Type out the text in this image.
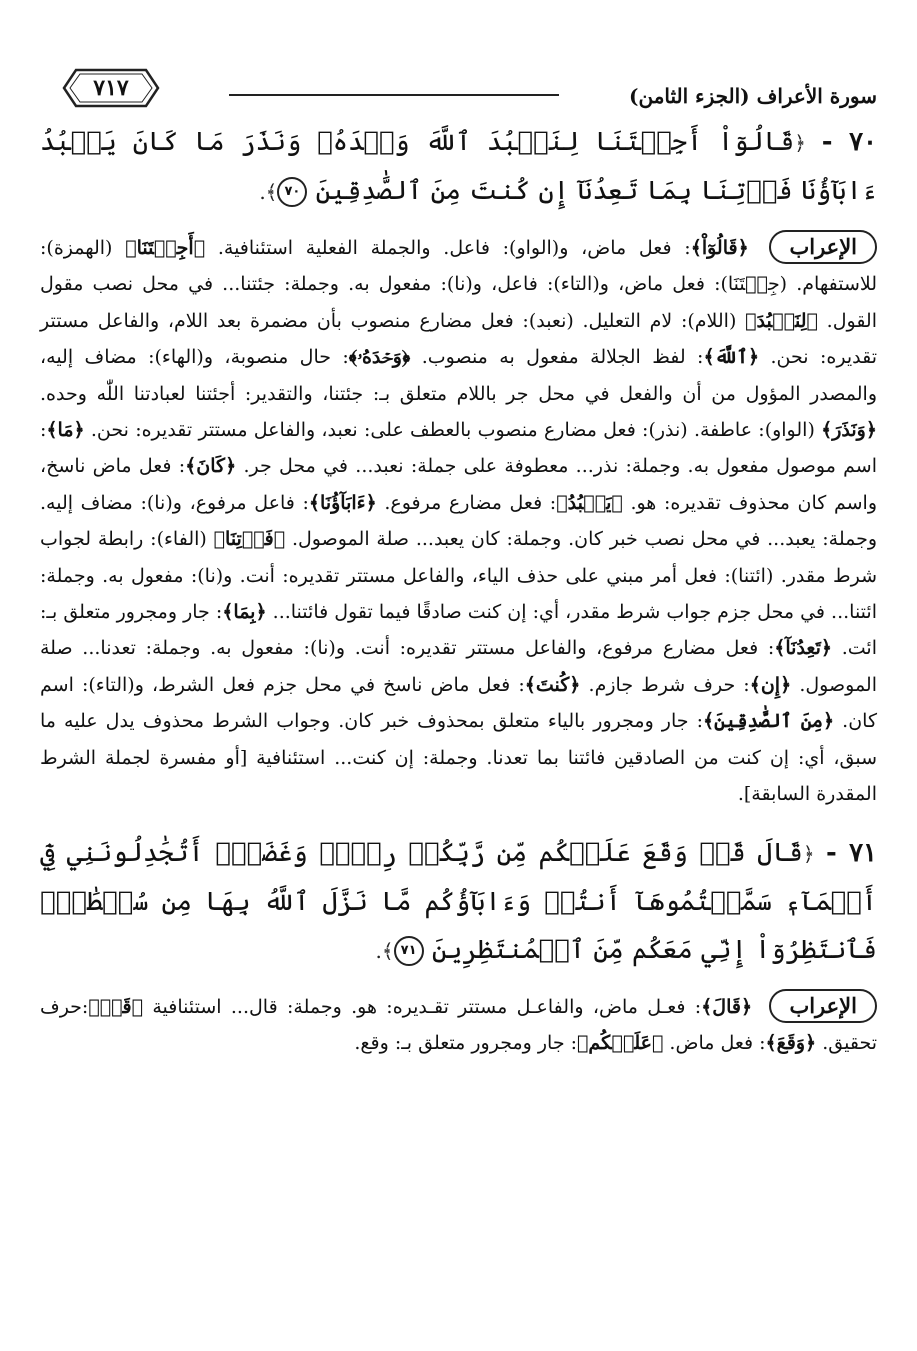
سورة الأعراف (الجزء الثامن)
٧١٧

٧٠ - ﴿قَالُوٓاْ أَجِئۡتَنَا لِنَعۡبُدَ ٱللَّهَ وَحۡدَهُۥ وَنَذَرَ مَا كَانَ يَعۡبُدُ ءَابَآؤُنَا فَأۡتِنَا بِمَا تَعِدُنَآ إِن كُنتَ مِنَ ٱلصَّٰدِقِينَ ٧٠﴾.

الإعراب ﴿قَالُوٓاْ﴾: فعل ماض، و(الواو): فاعل. والجملة الفعلية استئنافية. ﴿أَجِئۡتَنَا﴾ (الهمزة): للاستفهام. (جِئۡتَنَا): فعل ماض، و(التاء): فاعل، و(نا): مفعول به. وجملة: جئتنا... في محل نصب مقول القول. ﴿لِنَعۡبُدَ﴾ (اللام): لام التعليل. (نعبد): فعل مضارع منصوب بأن مضمرة بعد اللام، والفاعل مستتر تقديره: نحن. ﴿ٱللَّهَ﴾: لفظ الجلالة مفعول به منصوب. ﴿وَحۡدَهُۥ﴾: حال منصوبة، و(الهاء): مضاف إليه، والمصدر المؤول من أن والفعل في محل جر باللام متعلق بـ: جئتنا، والتقدير: أجئتنا لعبادتنا اللّٰه وحده. ﴿وَنَذَرَ﴾ (الواو): عاطفة. (نذر): فعل مضارع منصوب بالعطف على: نعبد، والفاعل مستتر تقديره: نحن. ﴿مَا﴾: اسم موصول مفعول به. وجملة: نذر... معطوفة على جملة: نعبد... في محل جر. ﴿كَانَ﴾: فعل ماض ناسخ، واسم كان محذوف تقديره: هو. ﴿يَعۡبُدُ﴾: فعل مضارع مرفوع. ﴿ءَابَآؤُنَا﴾: فاعل مرفوع، و(نا): مضاف إليه. وجملة: يعبد... في محل نصب خبر كان. وجملة: كان يعبد... صلة الموصول. ﴿فَأۡتِنَا﴾ (الفاء): رابطة لجواب شرط مقدر. (ائتنا): فعل أمر مبني على حذف الياء، والفاعل مستتر تقديره: أنت. و(نا): مفعول به. وجملة: ائتنا... في محل جزم جواب شرط مقدر، أي: إن كنت صادقًا فيما تقول فائتنا... ﴿بِمَا﴾: جار ومجرور متعلق بـ: ائت. ﴿تَعِدُنَآ﴾: فعل مضارع مرفوع، والفاعل مستتر تقديره: أنت. و(نا): مفعول به. وجملة: تعدنا... صلة الموصول. ﴿إِن﴾: حرف شرط جازم. ﴿كُنتَ﴾: فعل ماض ناسخ في محل جزم فعل الشرط، و(التاء): اسم كان. ﴿مِنَ ٱلصَّٰدِقِينَ﴾: جار ومجرور بالياء متعلق بمحذوف خبر كان. وجواب الشرط محذوف يدل عليه ما سبق، أي: إن كنت من الصادقين فائتنا بما تعدنا. وجملة: إن كنت... استئنافية [أو مفسرة لجملة الشرط المقدرة السابقة].

٧١ - ﴿قَالَ قَدۡ وَقَعَ عَلَيۡكُم مِّن رَّبِّكُمۡ رِجۡسٞ وَغَضَبٌۖ أَتُجَٰدِلُونَنِي فِيٓ أَسۡمَآءٖ سَمَّيۡتُمُوهَآ أَنتُمۡ وَءَابَآؤُكُم مَّا نَزَّلَ ٱللَّهُ بِهَا مِن سُلۡطَٰنٖۚ فَٱنتَظِرُوٓاْ إِنِّي مَعَكُم مِّنَ ٱلۡمُنتَظِرِينَ ٧١﴾.

الإعراب ﴿قَالَ﴾: فعـل ماض، والفاعـل مستتر تقـديره: هو. وجملة: قال... استئنافية ﴿قَدۡ﴾:حرف تحقيق. ﴿وَقَعَ﴾: فعل ماض. ﴿عَلَيۡكُم﴾: جار ومجرور متعلق بـ: وقع.
